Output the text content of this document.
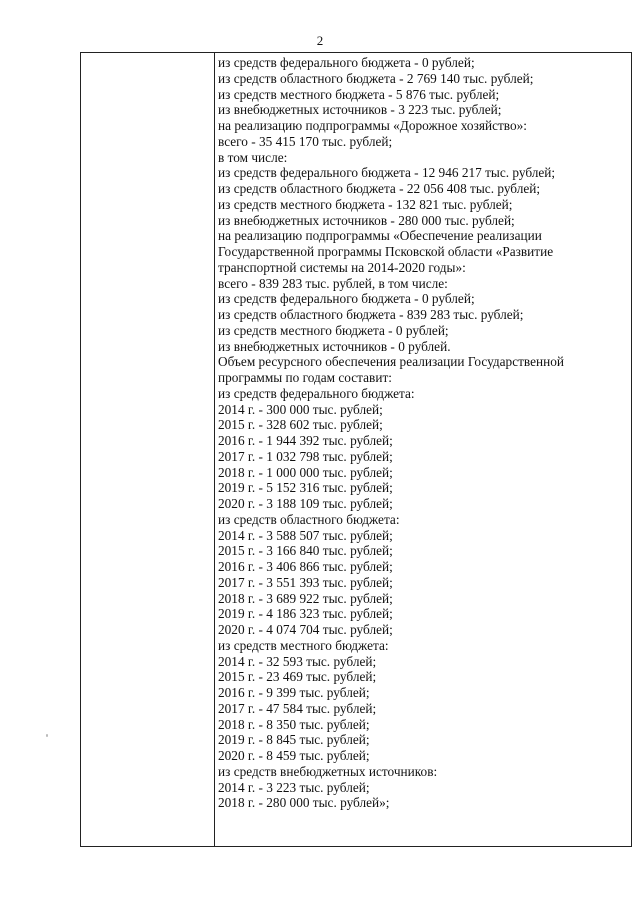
2
из средств федерального бюджета - 0 рублей;
из средств областного бюджета - 2 769 140 тыс. рублей;
из средств местного бюджета - 5 876 тыс. рублей;
из внебюджетных источников - 3 223 тыс. рублей;
на реализацию подпрограммы «Дорожное хозяйство»:
всего - 35 415 170 тыс. рублей;
в том числе:
из средств федерального бюджета - 12 946 217 тыс. рублей;
из средств областного бюджета - 22 056 408 тыс. рублей;
из средств местного бюджета - 132 821 тыс. рублей;
из внебюджетных источников - 280 000 тыс. рублей;
на реализацию подпрограммы «Обеспечение реализации
Государственной программы Псковской области «Развитие
транспортной системы на 2014-2020 годы»:
всего - 839 283 тыс. рублей, в том числе:
из средств федерального бюджета - 0 рублей;
из средств областного бюджета - 839 283 тыс. рублей;
из средств местного бюджета - 0 рублей;
из внебюджетных источников - 0 рублей.
Объем ресурсного обеспечения реализации Государственной
программы по годам составит:
из средств федерального бюджета:
2014 г. - 300 000 тыс. рублей;
2015 г. - 328 602 тыс. рублей;
2016 г. - 1 944 392 тыс. рублей;
2017 г. - 1 032 798 тыс. рублей;
2018 г. - 1 000 000 тыс. рублей;
2019 г. - 5 152 316 тыс. рублей;
2020 г. - 3 188 109 тыс. рублей;
из средств областного бюджета:
2014 г. - 3 588 507 тыс. рублей;
2015 г. - 3 166 840 тыс. рублей;
2016 г. - 3 406 866 тыс. рублей;
2017 г. - 3 551 393 тыс. рублей;
2018 г. - 3 689 922 тыс. рублей;
2019 г. - 4 186 323 тыс. рублей;
2020 г. - 4 074 704 тыс. рублей;
из средств местного бюджета:
2014 г. - 32 593 тыс. рублей;
2015 г. - 23 469 тыс. рублей;
2016 г. - 9 399 тыс. рублей;
2017 г. - 47 584 тыс. рублей;
2018 г. - 8 350 тыс. рублей;
2019 г. - 8 845 тыс. рублей;
2020 г. - 8 459 тыс. рублей;
из средств внебюджетных источников:
2014 г. - 3 223 тыс. рублей;
2018 г. - 280 000 тыс. рублей»;
